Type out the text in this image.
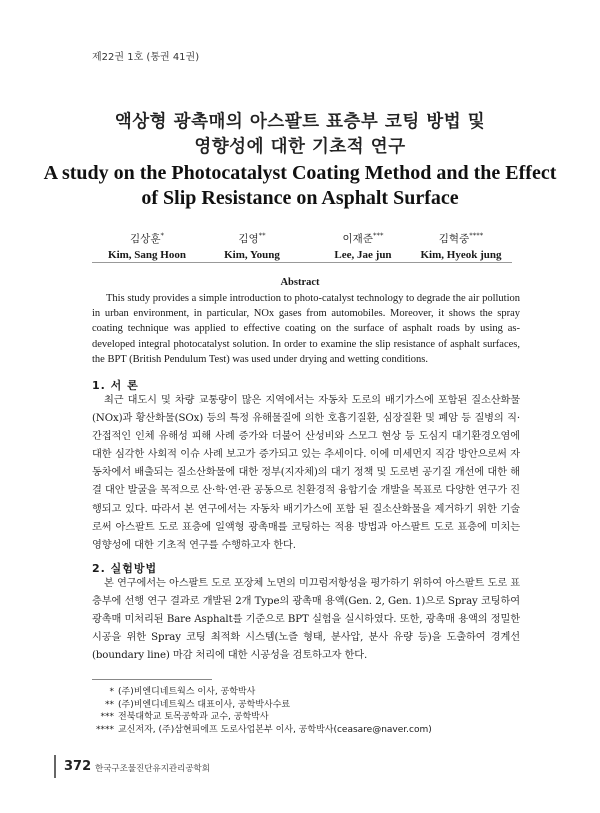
제22권 1호 (통권 41권)
액상형 광촉매의 아스팔트 표층부 코팅 방법 및
영향성에 대한 기초적 연구
A study on the Photocatalyst Coating Method and the Effect
of Slip Resistance on Asphalt Surface
김상훈*
Kim, Sang Hoon
김영**
Kim, Young
이재준***
Lee, Jae jun
김혁중****
Kim, Hyeok jung
Abstract
This study provides a simple introduction to photo-catalyst technology to degrade the air pollution in urban environment, in particular, NOx gases from automobiles. Moreover, it shows the spray coating technique was applied to effective coating on the surface of asphalt roads by using as-developed integral photocatalyst solution. In order to examine the slip resistance of asphalt surfaces, the BPT (British Pendulum Test) was used under drying and wetting conditions.
1. 서 론
최근 대도시 및 차량 교통량이 많은 지역에서는 자동차 도로의 배기가스에 포함된 질소산화물(NOx)과 황산화물(SOx) 등의 특정 유해물질에 의한 호흡기질환, 심장질환 및 폐암 등 질병의 직·간접적인 인체 유해성 피해 사례 증가와 더불어 산성비와 스모그 현상 등 도심지 대기환경오염에 대한 심각한 사회적 이슈 사례 보고가 증가되고 있는 추세이다. 이에 미세먼지 직감 방안으로써 자동차에서 배출되는 질소산화물에 대한 정부(지자체)의 대기 정책 및 도로변 공기질 개선에 대한 해결 대안 발굴을 목적으로 산·학·연·관 공동으로 친환경적 융합기술 개발을 목표로 다양한 연구가 진행되고 있다. 따라서 본 연구에서는 자동차 배기가스에 포함 된 질소산화물을 제거하기 위한 기술로써 아스팔트 도로 표층에 일액형 광촉매를 코팅하는 적용 방법과 아스팔트 도로 표층에 미치는 영향성에 대한 기초적 연구를 수행하고자 한다.
2. 실험방법
본 연구에서는 아스팔트 도로 포장체 노면의 미끄럼저항성을 평가하기 위하여 아스팔트 도로 표층부에 선행 연구 결과로 개발된 2개 Type의 광촉매 용액(Gen. 2, Gen. 1)으로 Spray 코팅하여 광촉매 미처리된 Bare Asphalt를 기준으로 BPT 실험을 실시하였다. 또한, 광촉매 용액의 정밀한 시공을 위한 Spray 코팅 최적화 시스템(노즐 형태, 분사압, 분사 유량 등)을 도출하여 경계선(boundary line) 마감 처리에 대한 시공성을 검토하고자 한다.
* (주)비엔디네트웍스 이사, 공학박사
** (주)비엔디네트웍스 대표이사, 공학박사수료
*** 전북대학교 토목공학과 교수, 공학박사
**** 교신저자, (주)삼현피에프 도로사업본부 이사, 공학박사(ceasare@naver.com)
372 한국구조물진단유지관리공학회
